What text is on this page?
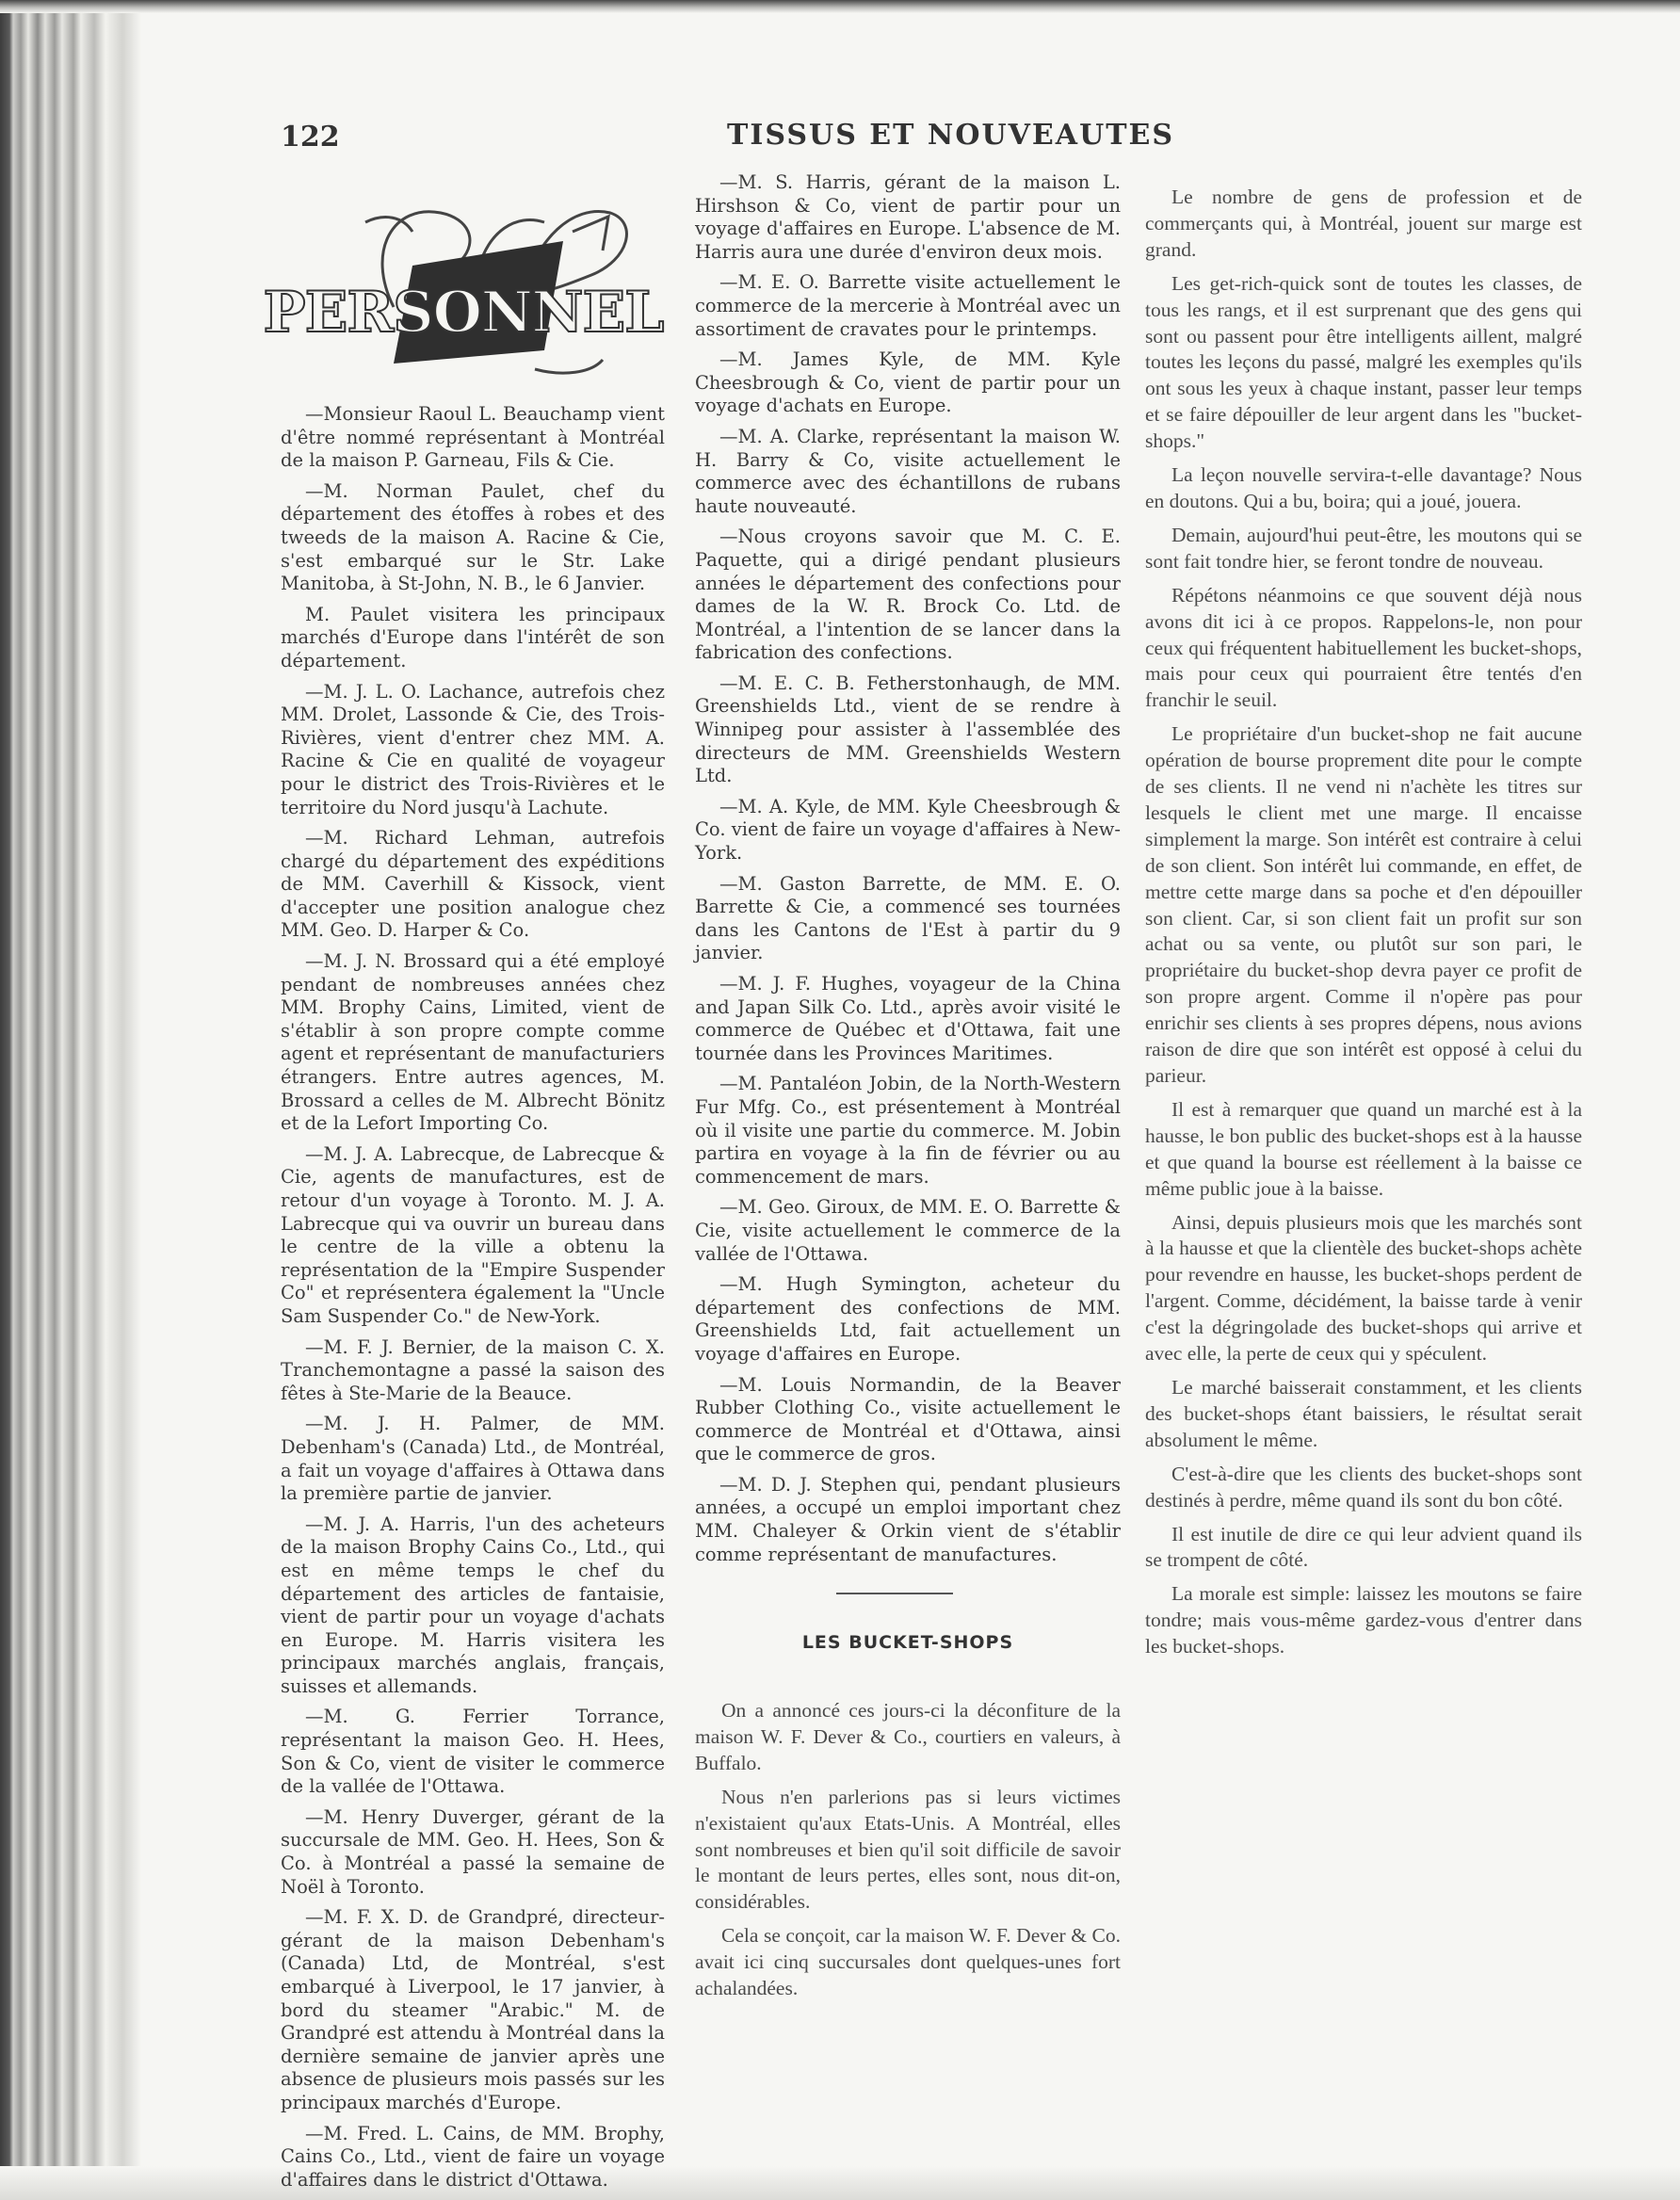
122	TISSUS ET NOUVEAUTES
PERSONNEL

—Monsieur Raoul L. Beauchamp vient d'être nommé représentant à Montréal de la maison P. Garneau, Fils & Cie.

—M. Norman Paulet, chef du département des étoffes à robes et des tweeds de la maison A. Racine & Cie, s'est embarqué sur le Str. Lake Manitoba, à St-John, N. B., le 6 Janvier.

M. Paulet visitera les principaux marchés d'Europe dans l'intérêt de son département.

—M. J. L. O. Lachance, autrefois chez MM. Drolet, Lassonde & Cie, des Trois-Rivières, vient d'entrer chez MM. A. Racine & Cie en qualité de voyageur pour le district des Trois-Rivières et le territoire du Nord jusqu'à Lachute.

—M. Richard Lehman, autrefois chargé du département des expéditions de MM. Caverhill & Kissock, vient d'accepter une position analogue chez MM. Geo. D. Harper & Co.

—M. J. N. Brossard qui a été employé pendant de nombreuses années chez MM. Brophy Cains, Limited, vient de s'établir à son propre compte comme agent et représentant de manufacturiers étrangers. Entre autres agences, M. Brossard a celles de M. Albrecht Bönitz et de la Lefort Importing Co.

—M. J. A. Labrecque, de Labrecque & Cie, agents de manufactures, est de retour d'un voyage à Toronto. M. J. A. Labrecque qui va ouvrir un bureau dans le centre de la ville a obtenu la représentation de la "Empire Suspender Co" et représentera également la "Uncle Sam Suspender Co." de New-York.

—M. F. J. Bernier, de la maison C. X. Tranchemontagne a passé la saison des fêtes à Ste-Marie de la Beauce.

—M. J. H. Palmer, de MM. Debenham's (Canada) Ltd., de Montréal, a fait un voyage d'affaires à Ottawa dans la première partie de janvier.

—M. J. A. Harris, l'un des acheteurs de la maison Brophy Cains Co., Ltd., qui est en même temps le chef du département des articles de fantaisie, vient de partir pour un voyage d'achats en Europe. M. Harris visitera les principaux marchés anglais, français, suisses et allemands.

—M. G. Ferrier Torrance, représentant la maison Geo. H. Hees, Son & Co, vient de visiter le commerce de la vallée de l'Ottawa.

—M. Henry Duverger, gérant de la succursale de MM. Geo. H. Hees, Son & Co. à Montréal a passé la semaine de Noël à Toronto.

—M. F. X. D. de Grandpré, directeur-gérant de la maison Debenham's (Canada) Ltd, de Montréal, s'est embarqué à Liverpool, le 17 janvier, à bord du steamer "Arabic." M. de Grandpré est attendu à Montréal dans la dernière semaine de janvier après une absence de plusieurs mois passés sur les principaux marchés d'Europe.

—M. Fred. L. Cains, de MM. Brophy, Cains Co., Ltd., vient de faire un voyage d'affaires dans le district d'Ottawa.

—M. S. Harris, gérant de la maison L. Hirshson & Co, vient de partir pour un voyage d'affaires en Europe. L'absence de M. Harris aura une durée d'environ deux mois.

—M. E. O. Barrette visite actuellement le commerce de la mercerie à Montréal avec un assortiment de cravates pour le printemps.

—M. James Kyle, de MM. Kyle Cheesbrough & Co, vient de partir pour un voyage d'achats en Europe.

—M. A. Clarke, représentant la maison W. H. Barry & Co, visite actuellement le commerce avec des échantillons de rubans haute nouveauté.

—Nous croyons savoir que M. C. E. Paquette, qui a dirigé pendant plusieurs années le département des confections pour dames de la W. R. Brock Co. Ltd. de Montréal, a l'intention de se lancer dans la fabrication des confections.

—M. E. C. B. Fetherstonhaugh, de MM. Greenshields Ltd., vient de se rendre à Winnipeg pour assister à l'assemblée des directeurs de MM. Greenshields Western Ltd.

—M. A. Kyle, de MM. Kyle Cheesbrough & Co. vient de faire un voyage d'affaires à New-York.

—M. Gaston Barrette, de MM. E. O. Barrette & Cie, a commencé ses tournées dans les Cantons de l'Est à partir du 9 janvier.

—M. J. F. Hughes, voyageur de la China and Japan Silk Co. Ltd., après avoir visité le commerce de Québec et d'Ottawa, fait une tournée dans les Provinces Maritimes.

—M. Pantaléon Jobin, de la North-Western Fur Mfg. Co., est présentement à Montréal où il visite une partie du commerce. M. Jobin partira en voyage à la fin de février ou au commencement de mars.

—M. Geo. Giroux, de MM. E. O. Barrette & Cie, visite actuellement le commerce de la vallée de l'Ottawa.

—M. Hugh Symington, acheteur du département des confections de MM. Greenshields Ltd, fait actuellement un voyage d'affaires en Europe.

—M. Louis Normandin, de la Beaver Rubber Clothing Co., visite actuellement le commerce de Montréal et d'Ottawa, ainsi que le commerce de gros.

—M. D. J. Stephen qui, pendant plusieurs années, a occupé un emploi important chez MM. Chaleyer & Orkin vient de s'établir comme représentant de manufactures.

LES BUCKET-SHOPS

On a annoncé ces jours-ci la déconfiture de la maison W. F. Dever & Co., courtiers en valeurs, à Buffalo.

Nous n'en parlerions pas si leurs victimes n'existaient qu'aux Etats-Unis. A Montréal, elles sont nombreuses et bien qu'il soit difficile de savoir le montant de leurs pertes, elles sont, nous dit-on, considérables.

Cela se conçoit, car la maison W. F. Dever & Co. avait ici cinq succursales dont quelques-unes fort achalandées.

Le nombre de gens de profession et de commerçants qui, à Montréal, jouent sur marge est grand.

Les get-rich-quick sont de toutes les classes, de tous les rangs, et il est surprenant que des gens qui sont ou passent pour être intelligents aillent, malgré toutes les leçons du passé, malgré les exemples qu'ils ont sous les yeux à chaque instant, passer leur temps et se faire dépouiller de leur argent dans les "bucket-shops."

La leçon nouvelle servira-t-elle davantage? Nous en doutons. Qui a bu, boira; qui a joué, jouera.

Demain, aujourd'hui peut-être, les moutons qui se sont fait tondre hier, se feront tondre de nouveau.

Répétons néanmoins ce que souvent déjà nous avons dit ici à ce propos. Rappelons-le, non pour ceux qui fréquentent habituellement les bucket-shops, mais pour ceux qui pourraient être tentés d'en franchir le seuil.

Le propriétaire d'un bucket-shop ne fait aucune opération de bourse proprement dite pour le compte de ses clients. Il ne vend ni n'achète les titres sur lesquels le client met une marge. Il encaisse simplement la marge. Son intérêt est contraire à celui de son client. Son intérêt lui commande, en effet, de mettre cette marge dans sa poche et d'en dépouiller son client. Car, si son client fait un profit sur son achat ou sa vente, ou plutôt sur son pari, le propriétaire du bucket-shop devra payer ce profit de son propre argent. Comme il n'opère pas pour enrichir ses clients à ses propres dépens, nous avions raison de dire que son intérêt est opposé à celui du parieur.

Il est à remarquer que quand un marché est à la hausse, le bon public des bucket-shops est à la hausse et que quand la bourse est réellement à la baisse ce même public joue à la baisse.

Ainsi, depuis plusieurs mois que les marchés sont à la hausse et que la clientèle des bucket-shops achète pour revendre en hausse, les bucket-shops perdent de l'argent. Comme, décidément, la baisse tarde à venir c'est la dégringolade des bucket-shops qui arrive et avec elle, la perte de ceux qui y spéculent.

Le marché baisserait constamment, et les clients des bucket-shops étant baissiers, le résultat serait absolument le même.

C'est-à-dire que les clients des bucket-shops sont destinés à perdre, même quand ils sont du bon côté.

Il est inutile de dire ce qui leur advient quand ils se trompent de côté.

La morale est simple: laissez les moutons se faire tondre; mais vous-même gardez-vous d'entrer dans les bucket-shops.
